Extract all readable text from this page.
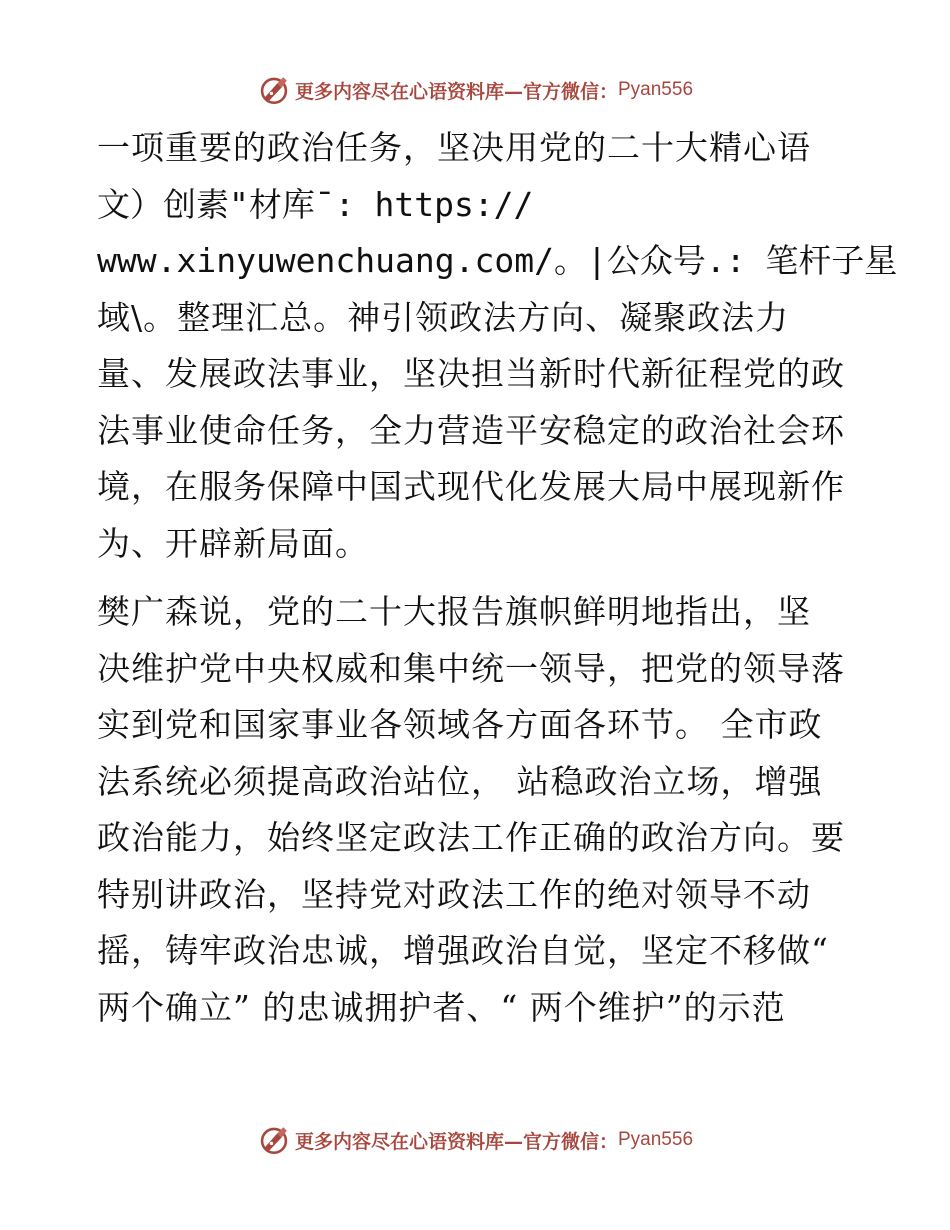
更多内容尽在心语资料库—官方微信： Pyan556
一项重要的政治任务，坚决用党的二十大精心语
文）创素"材库¯: https://
www.xinyuwenchuang.com/。|公众号.: 笔杆子星
域\。整理汇总。神引领政法方向、凝聚政法力
量、发展政法事业，坚决担当新时代新征程党的政
法事业使命任务，全力营造平安稳定的政治社会环
境，在服务保障中国式现代化发展大局中展现新作
为、开辟新局面。
樊广森说，党的二十大报告旗帜鲜明地指出，坚
决维护党中央权威和集中统一领导，把党的领导落
实到党和国家事业各领域各方面各环节。 全市政
法系统必须提高政治站位， 站稳政治立场，增强
政治能力，始终坚定政法工作正确的政治方向。要
特别讲政治，坚持党对政法工作的绝对领导不动
摇，铸牢政治忠诚，增强政治自觉，坚定不移做“
两个确立” 的忠诚拥护者、“ 两个维护”的示范
更多内容尽在心语资料库—官方微信： Pyan556
